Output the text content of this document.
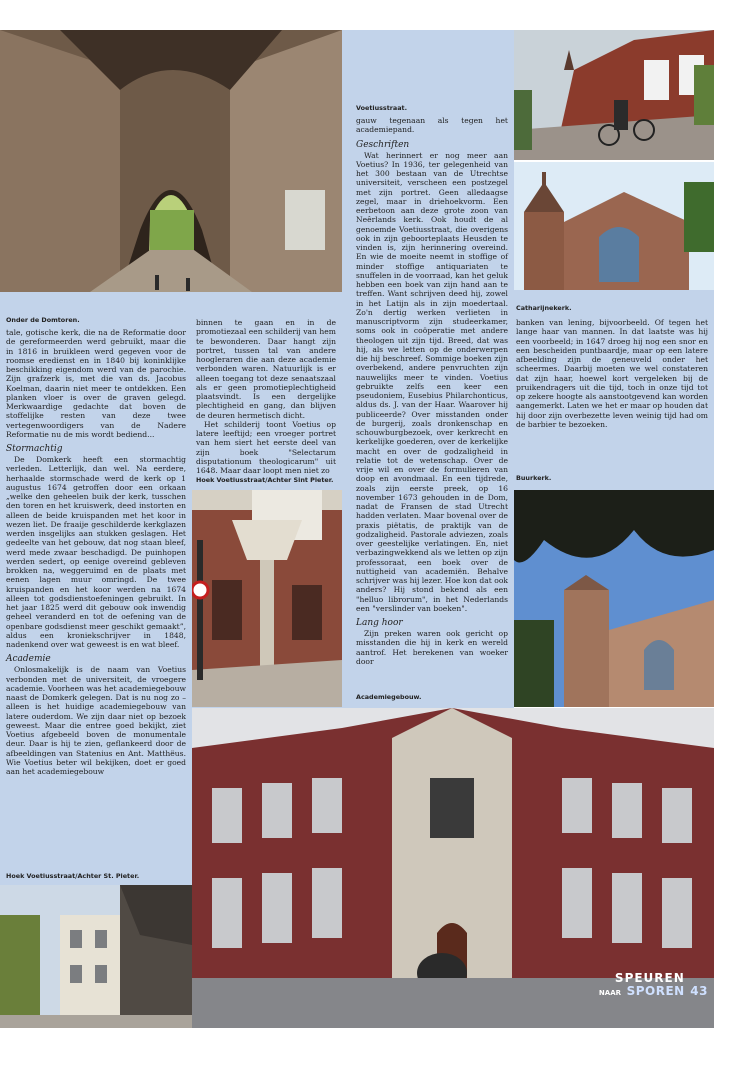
Onder de Domtoren.
Voetiusstraat.
Catharijnekerk.
Hoek Voetiusstraat/Achter Sint Pieter.	Buurkerk.
Academiegebouw.
Hoek Voetiusstraat/Achter St. Pieter.

tale, gotische kerk, die na de Reformatie door de gereformeerden werd gebruikt, maar die in 1816 in bruikleen werd gegeven voor de roomse eredienst en in 1840 bij koninklijke beschikking eigendom werd van de parochie. Zijn grafzerk is, met die van ds. Jacobus Koelman, daarin niet meer te ontdekken. Een planken vloer is over de graven gelegd. Merkwaardige gedachte dat boven de stoffelijke resten van deze twee vertegenwoordigers van de Nadere Reformatie nu de mis wordt bediend...

Stormachtig

De Domkerk heeft een stormachtig verleden. Letterlijk, dan wel. Na eerdere, herhaalde stormschade werd de kerk op 1 augustus 1674 getroffen door een orkaan „welke den geheelen buik der kerk, tusschen den toren en het kruiswerk, deed instorten en alleen de beide kruispanden met het koor in wezen liet. De fraaije geschilderde kerkglazen werden insgelijks aan stukken geslagen. Het gedeelte van het gebouw, dat nog staan bleef, werd mede zwaar beschadigd. De puinhopen werden sedert, op eenige overeind gebleven brokken na, weggeruimd en de plaats met eenen lagen muur omringd. De twee kruispanden en het koor werden na 1674 alleen tot godsdienstoefeningen gebruikt. In het jaar 1825 werd dit gebouw ook inwendig geheel veranderd en tot de oefening van de openbare godsdienst meer geschikt gemaakt”, aldus een kroniekschrijver in 1848, nadenkend over wat geweest is en wat bleef.

Academie

Onlosmakelijk is de naam van Voetius verbonden met de universiteit, de vroegere academie. Voorheen was het academiegebouw naast de Domkerk gelegen. Dat is nu nog zo – alleen is het huidige academiegebouw van latere ouderdom. We zijn daar niet op bezoek geweest. Maar die entree goed bekijkt, ziet Voetius afgebeeld boven de monumentale deur. Daar is hij te zien, geflankeerd door de afbeeldingen van Statenius en Ant. Matthëus. Wie Voetius beter wil bekijken, doet er goed aan het academiegebouw

binnen te gaan en in de promotiezaal een schilderij van hem te bewonderen. Daar hangt zijn portret, tussen tal van andere hoogleraren die aan deze academie verbonden waren. Natuurlijk is er alleen toegang tot deze senaatszaal als er geen promotieplechtigheid plaatsvindt. Is een dergelijke plechtigheid en gang, dan blijven de deuren hermetisch dicht.

Het schilderij toont Voetius op latere leeftijd; een vroeger portret van hem siert het eerste deel van zijn boek "Selectarum disputationum theologicarum" uit 1648. Maar daar loopt men niet zo

gauw tegenaan als tegen het academiepand.

Geschriften

Wat herinnert er nog meer aan Voetius? In 1936, ter gelegenheid van het 300 bestaan van de Utrechtse universiteit, verscheen een postzegel met zijn portret. Geen alledaagse zegel, maar in driehoekvorm. Een eerbetoon aan deze grote zoon van Neêrlands kerk. Ook houdt de al genoemde Voetiusstraat, die overigens ook in zijn geboorteplaats Heusden te vinden is, zijn herinnering overeind. En wie de moeite neemt in stoffige of minder stoffige antiquariaten te snuffelen in de voorraad, kan het geluk hebben een boek van zijn hand aan te treffen. Want schrijven deed hij, zowel in het Latijn als in zijn moedertaal. Zo'n dertig werken verlieten in manuscriptvorm zijn studeerkamer, soms ook in coöperatie met andere theologen uit zijn tijd. Breed, dat was hij, als we letten op de onderwerpen die hij beschreef. Sommige boeken zijn overbekend, andere penvruchten zijn nauwelijks meer te vinden. Voetius gebruikte zelfs een keer een pseudoniem, Eusebius Philarchonticus, aldus ds. J. van der Haar. Waarover hij publiceerde? Over misstanden onder de burgerij, zoals dronkenschap en schouwburgbezoek, over kerkrecht en kerkelijke goederen, over de kerkelijke macht en over de godzaligheid in relatie tot de wetenschap. Over de vrije wil en over de formulieren van doop en avondmaal. En een tijdrede, zoals zijn eerste preek, op 16 november 1673 gehouden in de Dom, nadat de Fransen de stad Utrecht hadden verlaten. Maar bovenal over de praxis piëtatis, de praktijk van de godzaligheid. Pastorale adviezen, zoals over geestelijke verlatingen. En, niet verbazingwekkend als we letten op zijn professoraat, een boek over de nuttigheid van academiën. Behalve schrijver was hij lezer. Hoe kon dat ook anders? Hij stond bekend als een "helluo librorum", in het Nederlands een "verslinder van boeken".

Lang hoor

Zijn preken waren ook gericht op misstanden die hij in kerk en wereld aantrof. Het berekenen van woeker door

banken van lening, bijvoorbeeld. Of tegen het lange haar van mannen. In dat laatste was hij een voorbeeld; in 1647 droeg hij nog een snor en een bescheiden puntbaardje, maar op een latere afbeelding zijn de geneuveld onder het scheermes. Daarbij moeten we wel constateren dat zijn haar, hoewel kort vergeleken bij de pruikendragers uit die tijd, toch in onze tijd tot op zekere hoogte als aanstootgevend kan worden aangemerkt. Laten we het er maar op houden dat hij door zijn overbezette leven weinig tijd had om de barbier te bezoeken.

SPEUREN
NAAR SPOREN 43
